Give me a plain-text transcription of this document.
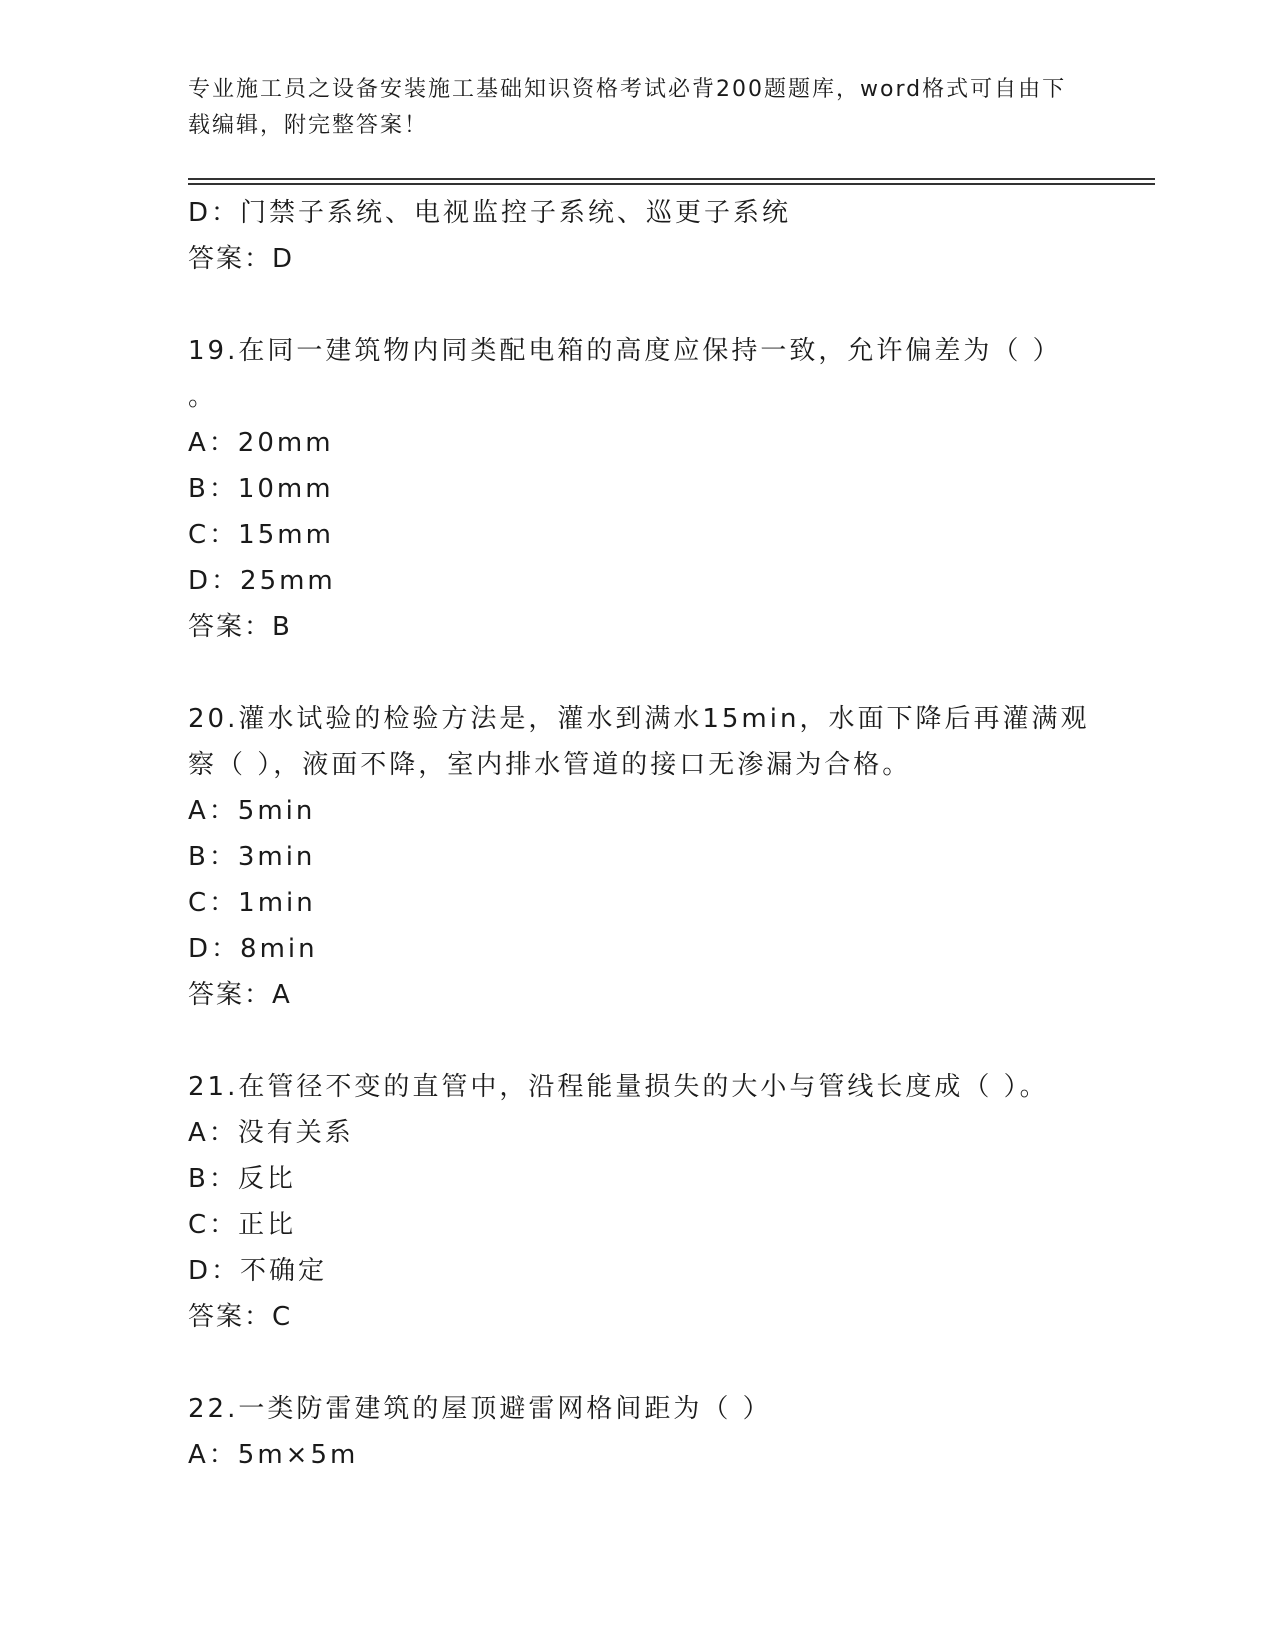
专业施工员之设备安装施工基础知识资格考试必背200题题库，word格式可自由下载编辑，附完整答案！
D：门禁子系统、电视监控子系统、巡更子系统
答案：D
19.在同一建筑物内同类配电箱的高度应保持一致，允许偏差为（ ）
。
A：20mm
B：10mm
C：15mm
D：25mm
答案：B
20.灌水试验的检验方法是，灌水到满水15min，水面下降后再灌满观
察（ ），液面不降，室内排水管道的接口无渗漏为合格。
A：5min
B：3min
C：1min
D：8min
答案：A
21.在管径不变的直管中，沿程能量损失的大小与管线长度成（ ）。
A：没有关系
B：反比
C：正比
D：不确定
答案：C
22.一类防雷建筑的屋顶避雷网格间距为（ ）
A：5m×5m
